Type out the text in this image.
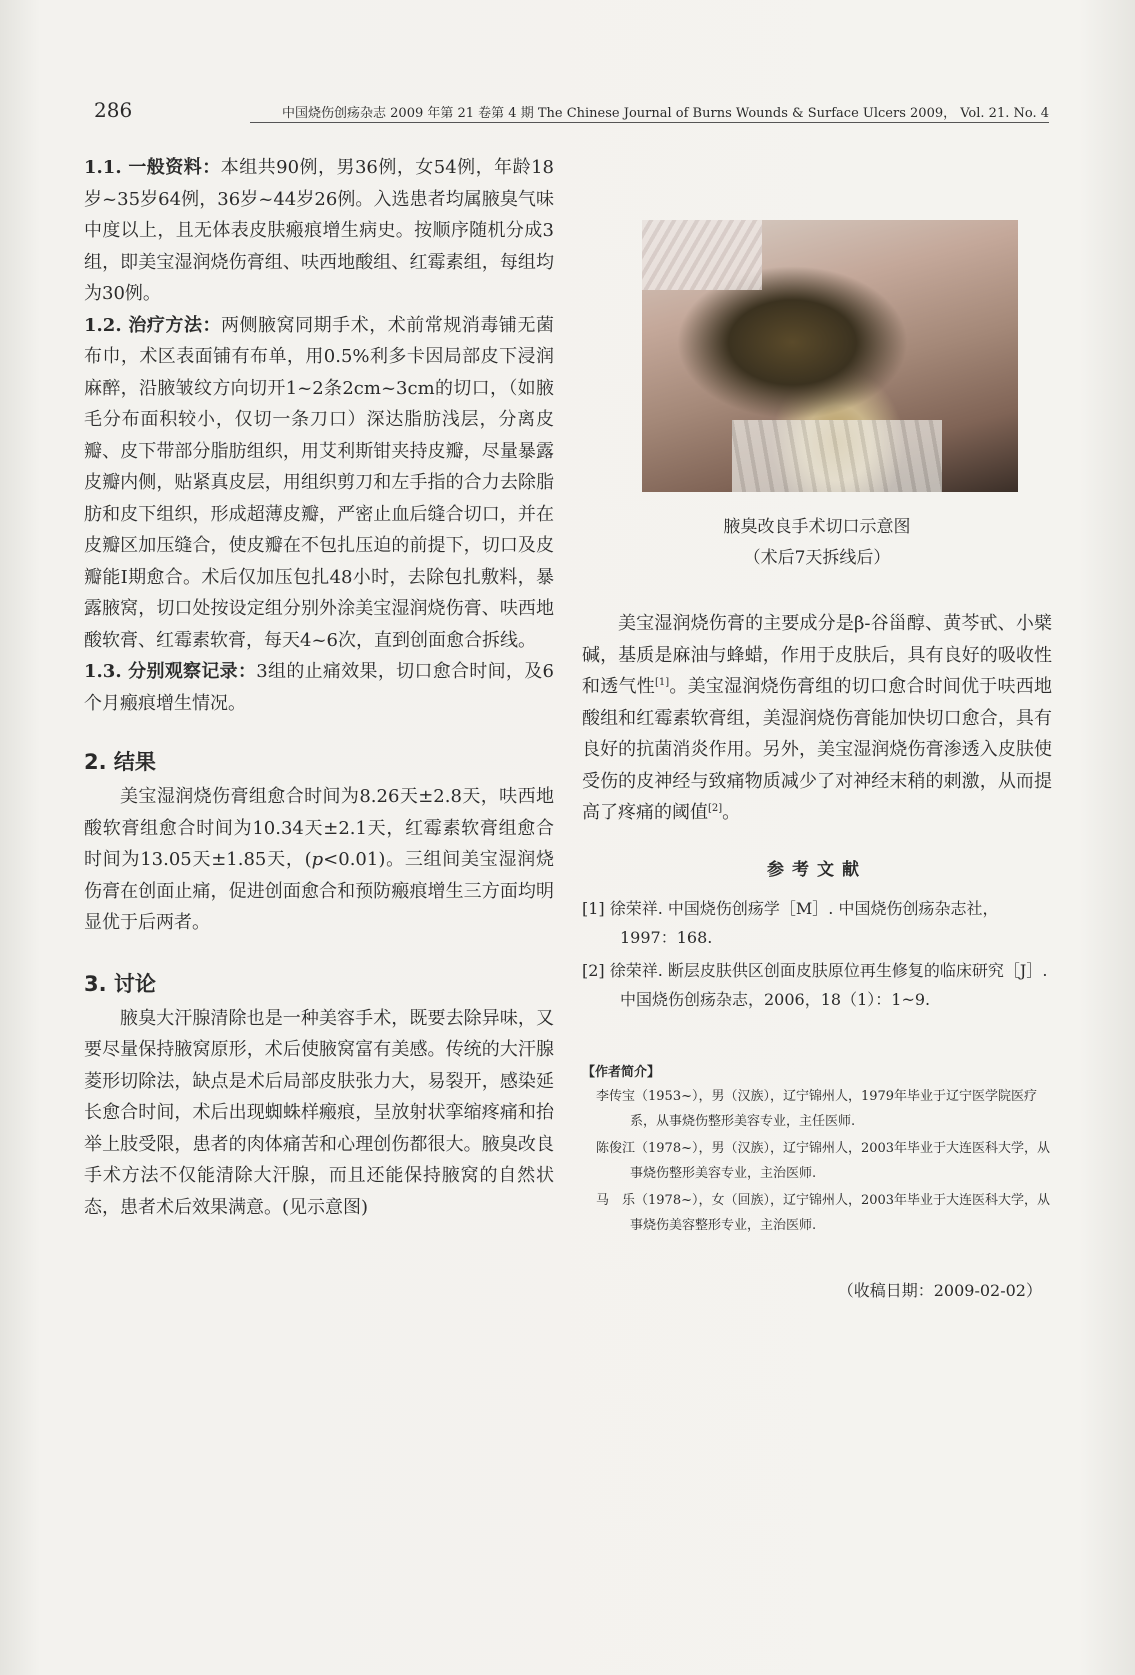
286	中国烧伤创疡杂志 2009 年第 21 卷第 4 期 The Chinese Journal of Burns Wounds & Surface Ulcers 2009， Vol. 21. No. 4

1.1. 一般资料：本组共90例，男36例，女54例，年龄18岁~35岁64例，36岁~44岁26例。入选患者均属腋臭气味中度以上，且无体表皮肤瘢痕增生病史。按顺序随机分成3组，即美宝湿润烧伤膏组、呋西地酸组、红霉素组，每组均为30例。

1.2. 治疗方法：两侧腋窝同期手术，术前常规消毒铺无菌布巾，术区表面铺有布单，用0.5%利多卡因局部皮下浸润麻醉，沿腋皱纹方向切开1~2条2cm~3cm的切口，（如腋毛分布面积较小，仅切一条刀口）深达脂肪浅层，分离皮瓣、皮下带部分脂肪组织，用艾利斯钳夹持皮瓣，尽量暴露皮瓣内侧，贴紧真皮层，用组织剪刀和左手指的合力去除脂肪和皮下组织，形成超薄皮瓣，严密止血后缝合切口，并在皮瓣区加压缝合，使皮瓣在不包扎压迫的前提下，切口及皮瓣能I期愈合。术后仅加压包扎48小时，去除包扎敷料，暴露腋窝，切口处按设定组分别外涂美宝湿润烧伤膏、呋西地酸软膏、红霉素软膏，每天4~6次，直到创面愈合拆线。

1.3. 分别观察记录：3组的止痛效果，切口愈合时间，及6个月瘢痕增生情况。

2. 结果

美宝湿润烧伤膏组愈合时间为8.26天±2.8天，呋西地酸软膏组愈合时间为10.34天±2.1天，红霉素软膏组愈合时间为13.05天±1.85天，(p<0.01)。三组间美宝湿润烧伤膏在创面止痛，促进创面愈合和预防瘢痕增生三方面均明显优于后两者。

3. 讨论

腋臭大汗腺清除也是一种美容手术，既要去除异味，又要尽量保持腋窝原形，术后使腋窝富有美感。传统的大汗腺菱形切除法，缺点是术后局部皮肤张力大，易裂开，感染延长愈合时间，术后出现蜘蛛样瘢痕，呈放射状挛缩疼痛和抬举上肢受限，患者的肉体痛苦和心理创伤都很大。腋臭改良手术方法不仅能清除大汗腺，而且还能保持腋窝的自然状态，患者术后效果满意。(见示意图)

腋臭改良手术切口示意图
（术后7天拆线后）

美宝湿润烧伤膏的主要成分是β-谷甾醇、黄芩甙、小檗碱，基质是麻油与蜂蜡，作用于皮肤后，具有良好的吸收性和透气性[1]。美宝湿润烧伤膏组的切口愈合时间优于呋西地酸组和红霉素软膏组，美湿润烧伤膏能加快切口愈合，具有良好的抗菌消炎作用。另外，美宝湿润烧伤膏渗透入皮肤使受伤的皮神经与致痛物质减少了对神经末稍的刺激，从而提高了疼痛的阈值[2]。

参考文献

[1] 徐荣祥. 中国烧伤创疡学［M］. 中国烧伤创疡杂志社，1997：168.

[2] 徐荣祥. 断层皮肤供区创面皮肤原位再生修复的临床研究［J］. 中国烧伤创疡杂志，2006，18（1）：1~9.

【作者简介】

李传宝（1953~），男（汉族），辽宁锦州人，1979年毕业于辽宁医学院医疗系，从事烧伤整形美容专业，主任医师.

陈俊江（1978~），男（汉族），辽宁锦州人，2003年毕业于大连医科大学，从事烧伤整形美容专业，主治医师.

马　乐（1978~），女（回族），辽宁锦州人，2003年毕业于大连医科大学，从事烧伤美容整形专业，主治医师.

（收稿日期：2009-02-02）
